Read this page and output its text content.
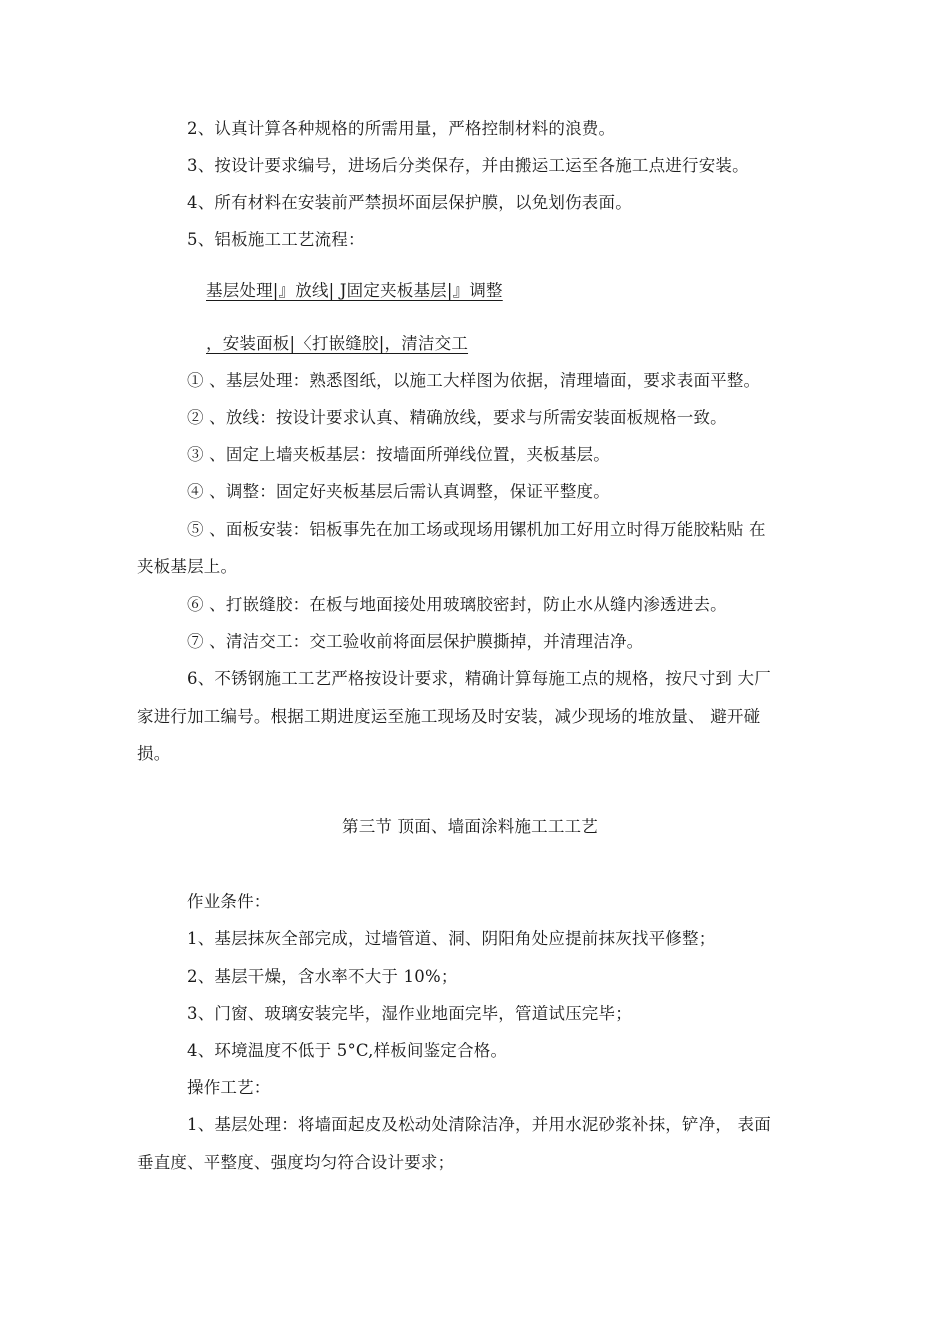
2、认真计算各种规格的所需用量，严格控制材料的浪费。
3、按设计要求编号，进场后分类保存，并由搬运工运至各施工点进行安装。
4、所有材料在安装前严禁损坏面层保护膜，以免划伤表面。
5、铝板施工工艺流程：
基层处理|』放线| J固定夹板基层|』调整
，安装面板|〈打嵌缝胶|，清洁交工
① 、基层处理：熟悉图纸，以施工大样图为依据，清理墙面，要求表面平整。
② 、放线：按设计要求认真、精确放线，要求与所需安装面板规格一致。
③ 、固定上墙夹板基层：按墙面所弹线位置，夹板基层。
④ 、调整：固定好夹板基层后需认真调整，保证平整度。
⑤ 、面板安装：铝板事先在加工场或现场用镙机加工好用立时得万能胶粘贴 在
夹板基层上。
⑥ 、打嵌缝胶：在板与地面接处用玻璃胶密封，防止水从缝内渗透进去。
⑦ 、清洁交工：交工验收前将面层保护膜撕掉，并清理洁净。
6、不锈钢施工工艺严格按设计要求，精确计算每施工点的规格，按尺寸到 大厂
家进行加工编号。根据工期进度运至施工现场及时安装，减少现场的堆放量、 避开碰
损。
第三节 顶面、墙面涂料施工工工艺
作业条件：
1、基层抹灰全部完成，过墙管道、洞、阴阳角处应提前抹灰找平修整；
2、基层干燥，含水率不大于 10%；
3、门窗、玻璃安装完毕，湿作业地面完毕，管道试压完毕；
4、环境温度不低于 5°C,样板间鉴定合格。
操作工艺：
1、基层处理：将墙面起皮及松动处清除洁净，并用水泥砂浆补抹，铲净， 表面
垂直度、平整度、强度均匀符合设计要求；
